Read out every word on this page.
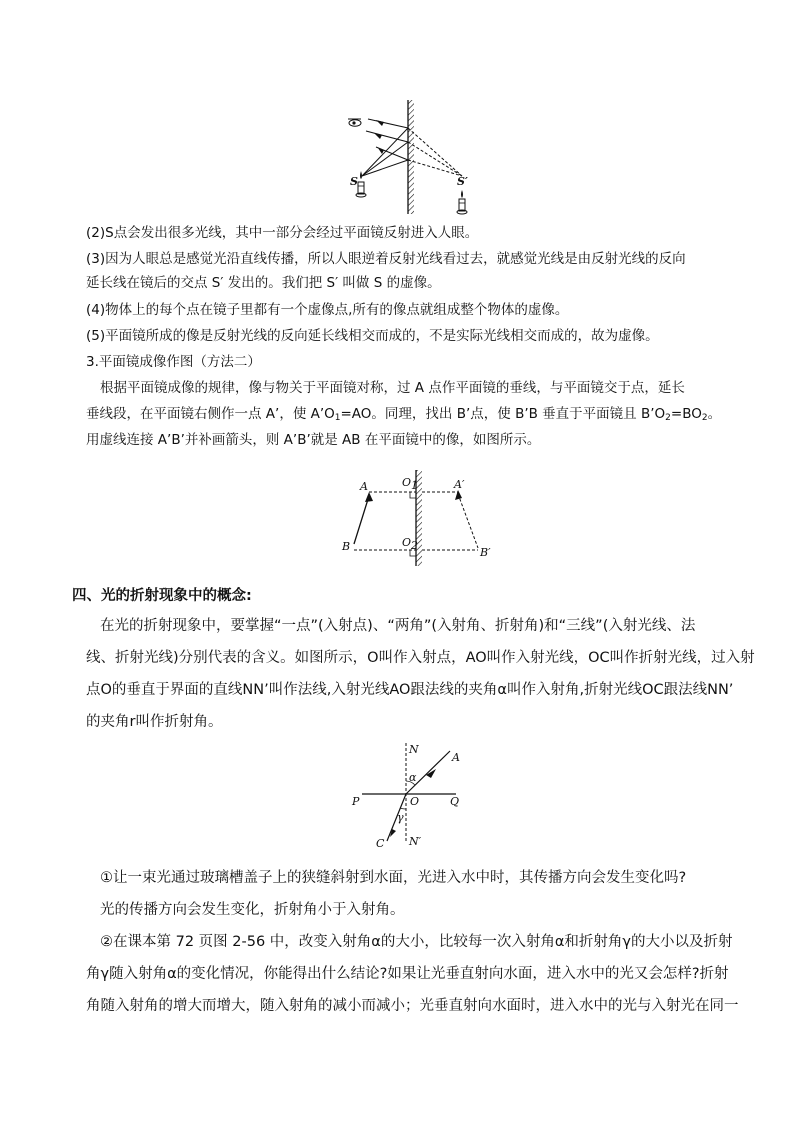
S	S′
(2)S点会发出很多光线，其中一部分会经过平面镜反射进入人眼。
(3)因为人眼总是感觉光沿直线传播，所以人眼逆着反射光线看过去，就感觉光线是由反射光线的反向
延长线在镜后的交点 S′ 发出的。我们把 S′ 叫做 S 的虚像。
(4)物体上的每个点在镜子里都有一个虚像点,所有的像点就组成整个物体的虚像。
(5)平面镜所成的像是反射光线的反向延长线相交而成的，不是实际光线相交而成的，故为虚像。
3.平面镜成像作图（方法二）
根据平面镜成像的规律，像与物关于平面镜对称，过 A 点作平面镜的垂线，与平面镜交于点，延长
垂线段，在平面镜右侧作一点 A’，使 $A’O_1=AO$。同理，找出 B’点，使 B’B 垂直于平面镜且 $B’O_2=BO_2$。
用虚线连接 A’B’并补画箭头，则 A’B’就是 AB 在平面镜中的像，如图所示。
A	A′
B	B′
O1
O2
四、光的折射现象中的概念:
在光的折射现象中，要掌握“一点”(入射点)、“两角”(入射角、折射角)和“三线”(入射光线、法
线、折射光线)分别代表的含义。如图所示，O叫作入射点，AO叫作入射光线，OC叫作折射光线，过入射
点O的垂直于界面的直线NN’叫作法线,入射光线AO跟法线的夹角α叫作入射角,折射光线OC跟法线NN’
的夹角r叫作折射角。
N
A
α
P	O	Q
γ
C N′
①让一束光通过玻璃槽盖子上的狭缝斜射到水面，光进入水中时，其传播方向会发生变化吗?
光的传播方向会发生变化，折射角小于入射角。
②在课本第 72 页图 2-56 中，改变入射角α的大小，比较每一次入射角α和折射角γ的大小以及折射
角γ随入射角α的变化情况，你能得出什么结论?如果让光垂直射向水面，进入水中的光又会怎样?折射
角随入射角的增大而增大，随入射角的减小而减小；光垂直射向水面时，进入水中的光与入射光在同一
